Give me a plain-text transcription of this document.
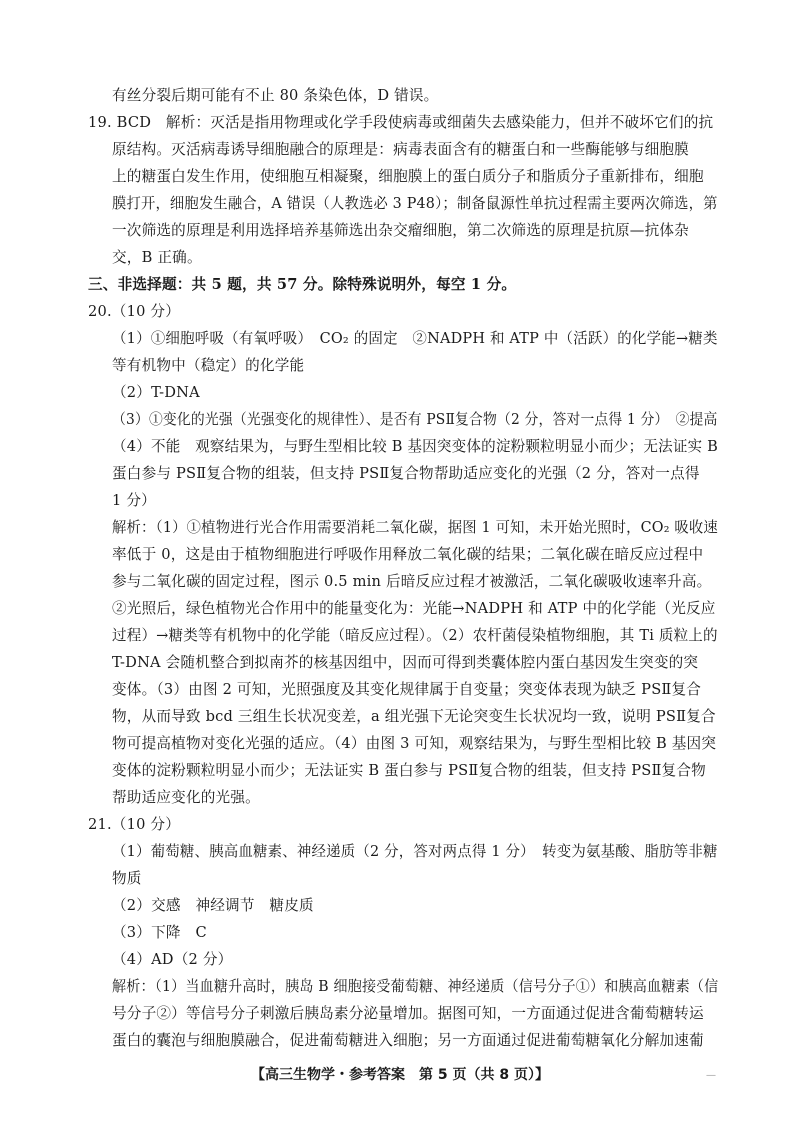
有丝分裂后期可能有不止 80 条染色体，D 错误。
19. BCD　解析：灭活是指用物理或化学手段使病毒或细菌失去感染能力，但并不破坏它们的抗
原结构。灭活病毒诱导细胞融合的原理是：病毒表面含有的糖蛋白和一些酶能够与细胞膜
上的糖蛋白发生作用，使细胞互相凝聚，细胞膜上的蛋白质分子和脂质分子重新排布，细胞
膜打开，细胞发生融合，A 错误（人教选必 3 P48）；制备鼠源性单抗过程需主要两次筛选，第
一次筛选的原理是利用选择培养基筛选出杂交瘤细胞，第二次筛选的原理是抗原—抗体杂
交，B 正确。
三、非选择题：共 5 题，共 57 分。除特殊说明外，每空 1 分。
20.（10 分）
（1）①细胞呼吸（有氧呼吸）　CO₂ 的固定　②NADPH 和 ATP 中（活跃）的化学能→糖类
等有机物中（稳定）的化学能
（2）T-DNA
（3）①变化的光强（光强变化的规律性）、是否有 PSⅡ复合物（2 分，答对一点得 1 分）　②提高
（4）不能　观察结果为，与野生型相比较 B 基因突变体的淀粉颗粒明显小而少；无法证实 B
蛋白参与 PSⅡ复合物的组装，但支持 PSⅡ复合物帮助适应变化的光强（2 分，答对一点得
1 分）
解析：（1）①植物进行光合作用需要消耗二氧化碳，据图 1 可知，未开始光照时，CO₂ 吸收速
率低于 0，这是由于植物细胞进行呼吸作用释放二氧化碳的结果；二氧化碳在暗反应过程中
参与二氧化碳的固定过程，图示 0.5 min 后暗反应过程才被激活，二氧化碳吸收速率升高。
②光照后，绿色植物光合作用中的能量变化为：光能→NADPH 和 ATP 中的化学能（光反应
过程）→糖类等有机物中的化学能（暗反应过程）。（2）农杆菌侵染植物细胞，其 Ti 质粒上的
T-DNA 会随机整合到拟南芥的核基因组中，因而可得到类囊体腔内蛋白基因发生突变的突
变体。（3）由图 2 可知，光照强度及其变化规律属于自变量；突变体表现为缺乏 PSⅡ复合
物，从而导致 bcd 三组生长状况变差，a 组光强下无论突变生长状况均一致，说明 PSⅡ复合
物可提高植物对变化光强的适应。（4）由图 3 可知，观察结果为，与野生型相比较 B 基因突
变体的淀粉颗粒明显小而少；无法证实 B 蛋白参与 PSⅡ复合物的组装，但支持 PSⅡ复合物
帮助适应变化的光强。
21.（10 分）
（1）葡萄糖、胰高血糖素、神经递质（2 分，答对两点得 1 分）　转变为氨基酸、脂肪等非糖
物质
（2）交感　神经调节　糖皮质
（3）下降　C
（4）AD（2 分）
解析：（1）当血糖升高时，胰岛 B 细胞接受葡萄糖、神经递质（信号分子①）和胰高血糖素（信
号分子②）等信号分子刺激后胰岛素分泌量增加。据图可知，一方面通过促进含葡萄糖转运
蛋白的囊泡与细胞膜融合，促进葡萄糖进入细胞；另一方面通过促进葡萄糖氧化分解加速葡
【高三生物学・参考答案　第 5 页（共 8 页）】	—
